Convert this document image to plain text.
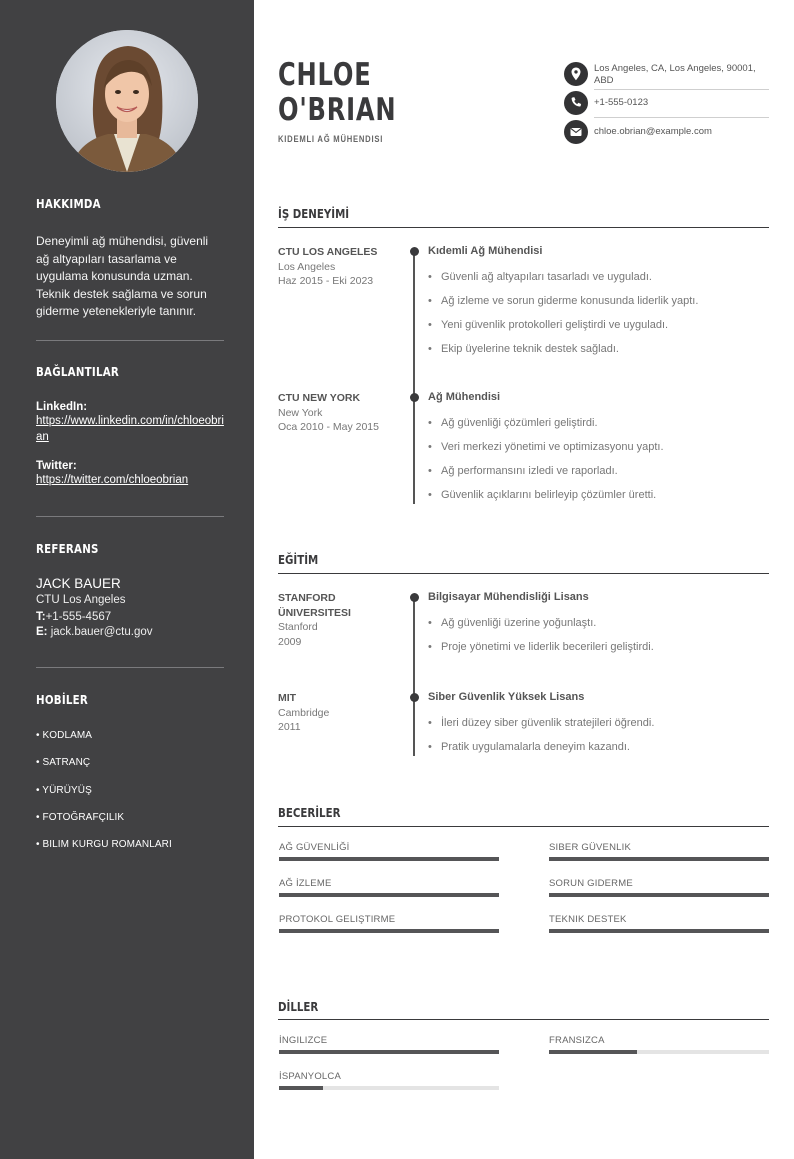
HAKKIMDA
Deneyimli ağ mühendisi, güvenli ağ altyapıları tasarlama ve uygulama konusunda uzman. Teknik destek sağlama ve sorun giderme yetenekleriyle tanınır.
BAĞLANTILAR
LinkedIn:
https://www.linkedin.com/in/chloeobrian
Twitter:
https://twitter.com/chloeobrian
REFERANS
JACK BAUER
CTU Los Angeles
T:+1-555-4567
E: jack.bauer@ctu.gov
HOBİLER
• KODLAMA
• SATRANÇ
• YÜRÜYÜŞ
• FOTOĞRAFÇILIK
• BILIM KURGU ROMANLARI
CHLOE
O'BRIAN
KIDEMLI AĞ MÜHENDISI
Los Angeles, CA, Los Angeles, 90001, ABD
+1-555-0123
chloe.obrian@example.com
İŞ DENEYİMİ
CTU LOS ANGELES
Los Angeles
Haz 2015 - Eki 2023
Kıdemli Ağ Mühendisi
• Güvenli ağ altyapıları tasarladı ve uyguladı.
• Ağ izleme ve sorun giderme konusunda liderlik yaptı.
• Yeni güvenlik protokolleri geliştirdi ve uyguladı.
• Ekip üyelerine teknik destek sağladı.
CTU NEW YORK
New York
Oca 2010 - May 2015
Ağ Mühendisi
• Ağ güvenliği çözümleri geliştirdi.
• Veri merkezi yönetimi ve optimizasyonu yaptı.
• Ağ performansını izledi ve raporladı.
• Güvenlik açıklarını belirleyip çözümler üretti.
EĞİTİM
STANFORD
ÜNIVERSITESI
Stanford
2009
Bilgisayar Mühendisliği Lisans
• Ağ güvenliği üzerine yoğunlaştı.
• Proje yönetimi ve liderlik becerileri geliştirdi.
MIT
Cambridge
2011
Siber Güvenlik Yüksek Lisans
• İleri düzey siber güvenlik stratejileri öğrendi.
• Pratik uygulamalarla deneyim kazandı.
BECERİLER
AĞ GÜVENLİĞİ	SIBER GÜVENLIK
AĞ İZLEME	SORUN GIDERME
PROTOKOL GELIŞTIRME	TEKNIK DESTEK
DİLLER
İNGILIZCE	FRANSIZCA
İSPANYOLCA
